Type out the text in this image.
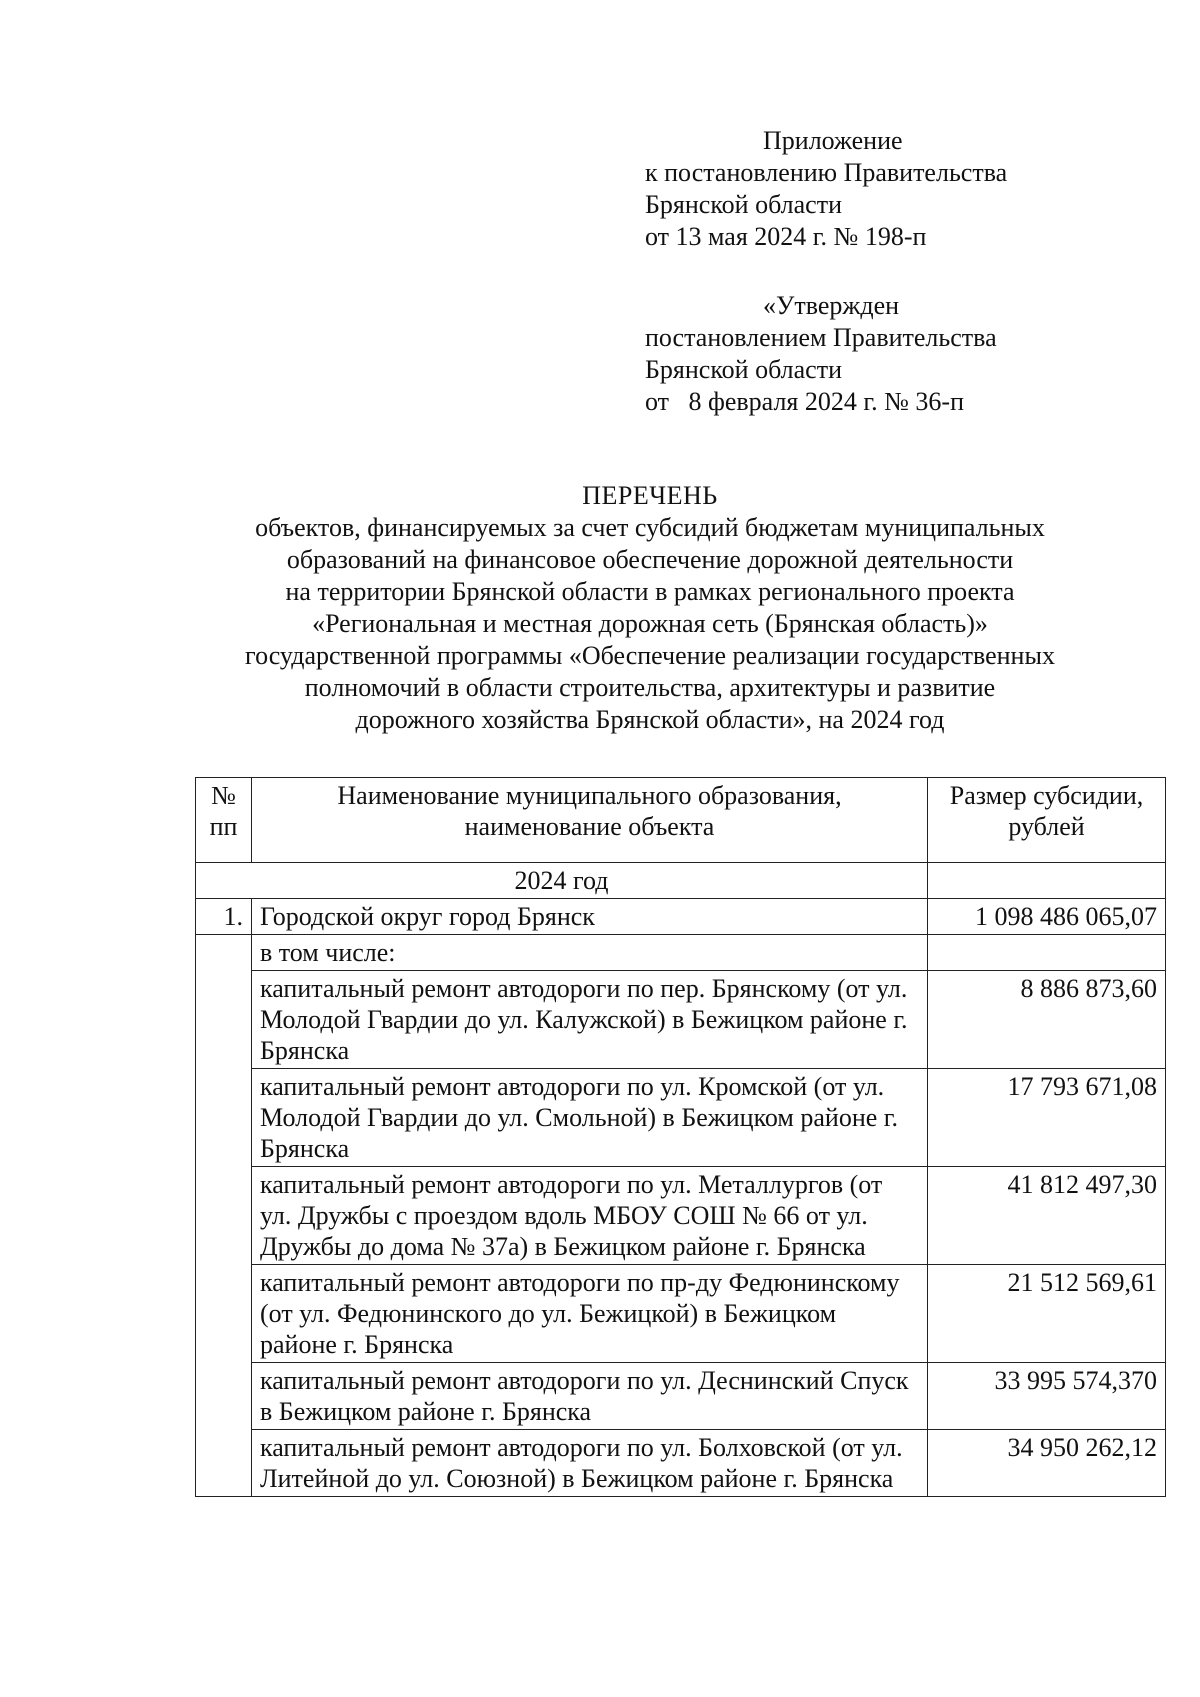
Приложение
к постановлению Правительства
Брянской области
от 13 мая 2024 г. № 198-п
«Утвержден
постановлением Правительства
Брянской области
от   8 февраля 2024 г. № 36-п
ПЕРЕЧЕНЬ
объектов, финансируемых за счет субсидий бюджетам муниципальных
образований на финансовое обеспечение дорожной деятельности
на территории Брянской области в рамках регионального проекта
«Региональная и местная дорожная сеть (Брянская область)»
государственной программы «Обеспечение реализации государственных
полномочий в области строительства, архитектуры и развитие
дорожного хозяйства Брянской области», на 2024 год
№ пп	Наименование муниципального образования, наименование объекта	Размер субсидии, рублей
2024 год		
1.	Городской округ город Брянск	1 098 486 065,07
	в том числе:	
	капитальный ремонт автодороги по пер. Брянскому (от ул. Молодой Гвардии до ул. Калужской) в Бежицком районе г. Брянска	8 886 873,60
	капитальный ремонт автодороги по ул. Кромской (от ул. Молодой Гвардии до ул. Смольной) в Бежицком районе г. Брянска	17 793 671,08
	капитальный ремонт автодороги по ул. Металлургов (от ул. Дружбы с проездом вдоль МБОУ СОШ № 66 от ул. Дружбы до дома № 37а) в Бежицком районе г. Брянска	41 812 497,30
	капитальный ремонт автодороги по пр-ду Федюнинскому (от ул. Федюнинского до ул. Бежицкой) в Бежицком районе г. Брянска	21 512 569,61
	капитальный ремонт автодороги по ул. Деснинский Спуск в Бежицком районе г. Брянска	33 995 574,370
	капитальный ремонт автодороги по ул. Болховской (от ул. Литейной до ул. Союзной) в Бежицком районе г. Брянска	34 950 262,12
